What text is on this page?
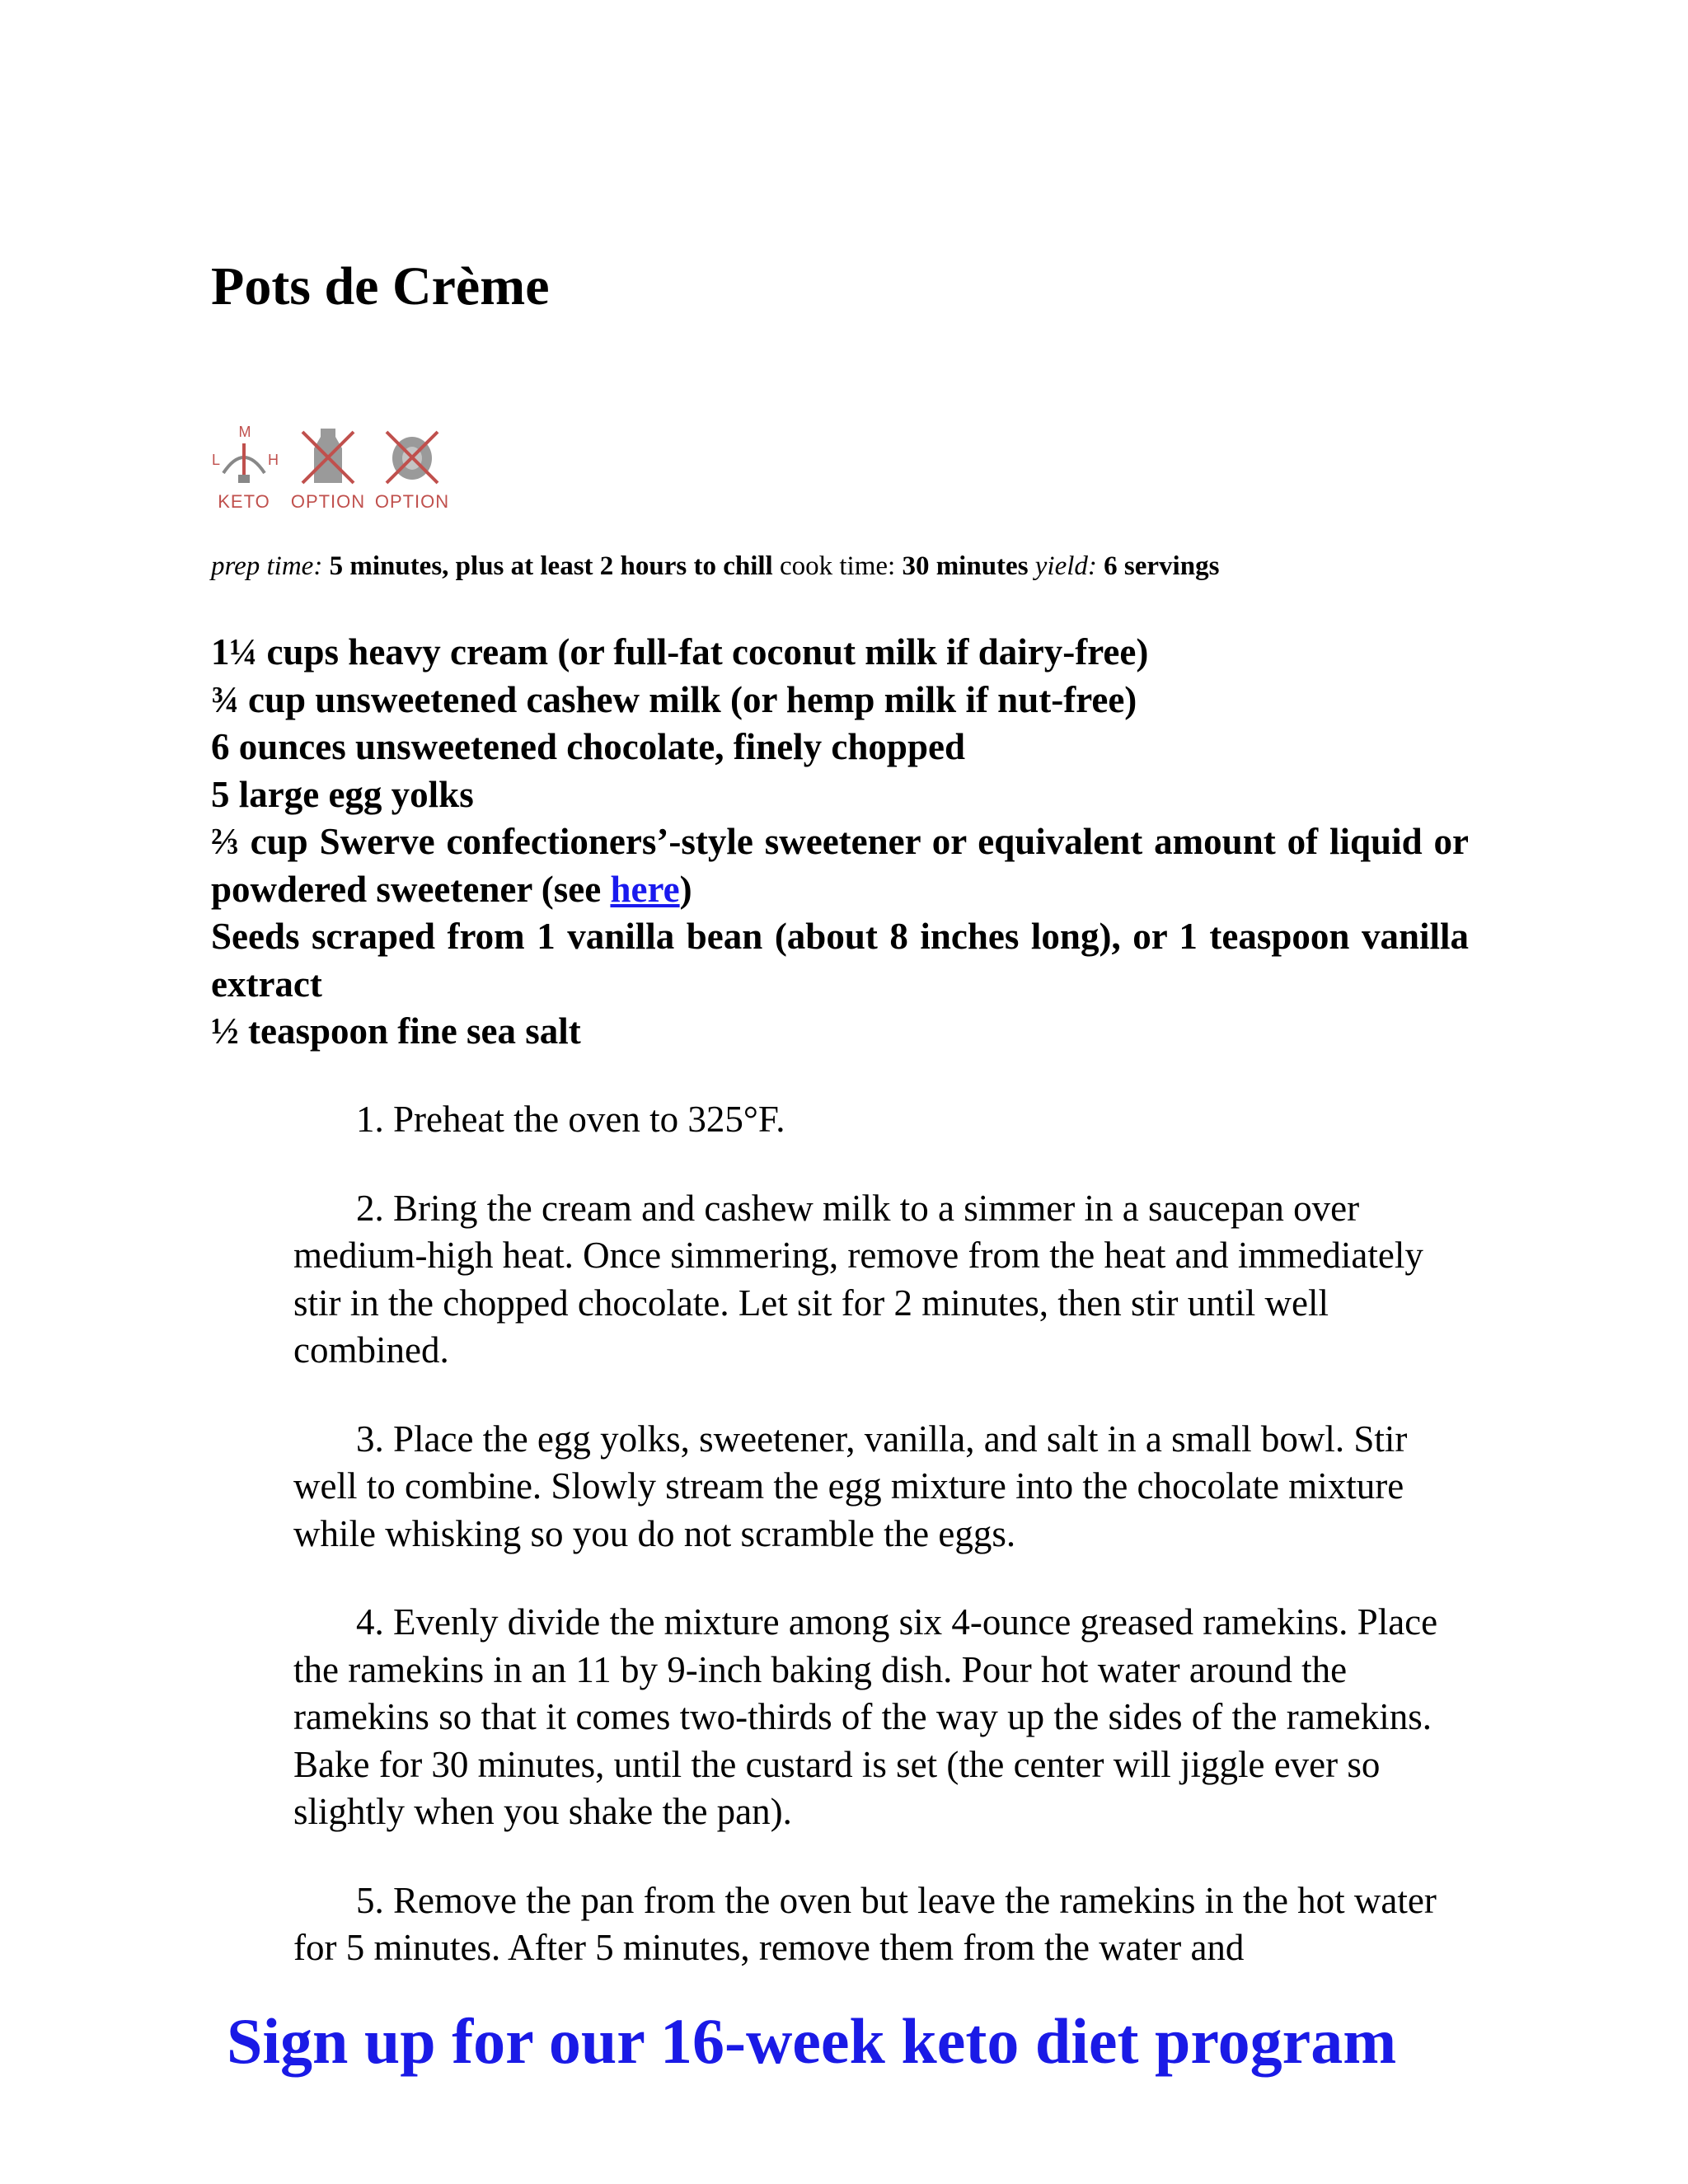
Pots de Crème
M
L	H
KETO OPTION OPTION
prep time: 5 minutes, plus at least 2 hours to chill cook time: 30 minutes yield: 6 servings
1¼ cups heavy cream (or full-fat coconut milk if dairy-free)
¾ cup unsweetened cashew milk (or hemp milk if nut-free)
6 ounces unsweetened chocolate, finely chopped
5 large egg yolks
⅔ cup Swerve confectioners’-style sweetener or equivalent amount of liquid or powdered sweetener (see here)
Seeds scraped from 1 vanilla bean (about 8 inches long), or 1 teaspoon vanilla extract
½ teaspoon fine sea salt

1. Preheat the oven to 325°F.

2. Bring the cream and cashew milk to a simmer in a saucepan over medium-high heat. Once simmering, remove from the heat and immediately stir in the chopped chocolate. Let sit for 2 minutes, then stir until well combined.

3. Place the egg yolks, sweetener, vanilla, and salt in a small bowl. Stir well to combine. Slowly stream the egg mixture into the chocolate mixture while whisking so you do not scramble the eggs.

4. Evenly divide the mixture among six 4-ounce greased ramekins. Place the ramekins in an 11 by 9-inch baking dish. Pour hot water around the ramekins so that it comes two-thirds of the way up the sides of the ramekins. Bake for 30 minutes, until the custard is set (the center will jiggle ever so slightly when you shake the pan).

5. Remove the pan from the oven but leave the ramekins in the hot water for 5 minutes. After 5 minutes, remove them from the water and

Sign up for our 16-week keto diet program
